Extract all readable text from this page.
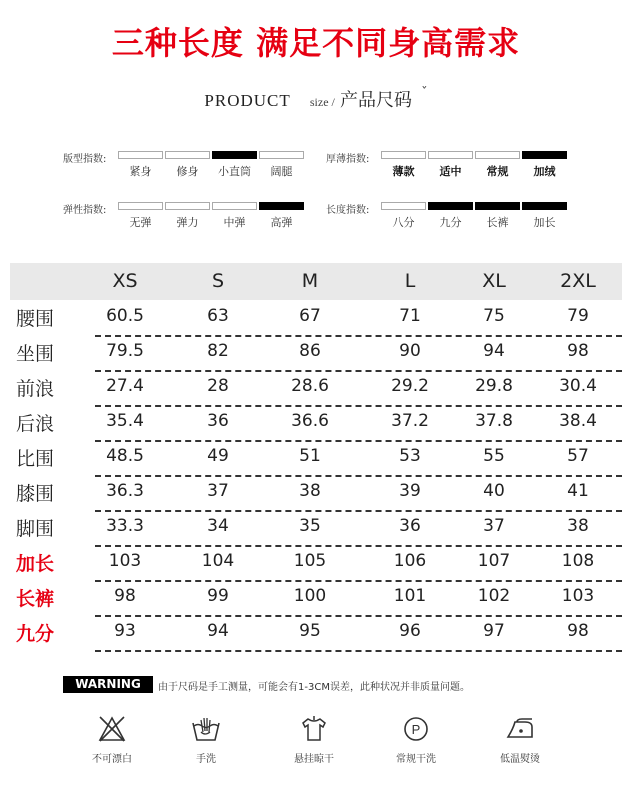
三种长度 满足不同身高需求
PRODUCT size / 产品尺码 $^ˇ$
版型指数:
紧身	修身	小直筒	阔腿
厚薄指数:
薄款	适中	常规	加绒
弹性指数:
无弹	弹力	中弹	高弹
长度指数:
八分	九分	长裤	加长
XS	S	M	L	XL	2XL
腰围	60.5	63	67	71	75	79
坐围	79.5	82	86	90	94	98
前浪	27.4	28	28.6	29.2	29.8	30.4
后浪	35.4	36	36.6	37.2	37.8	38.4
比围	48.5	49	51	53	55	57
膝围	36.3	37	38	39	40	41
脚围	33.3	34	35	36	37	38
加长	103	104	105	106	107	108
长裤	98	99	100	101	102	103
九分	93	94	95	96	97	98
WARNING	由于尺码是手工测量，可能会有1-3CM误差，此种状况并非质量问题。
不可漂白	手洗	悬挂晾干
P
常规干洗	低温熨烫
